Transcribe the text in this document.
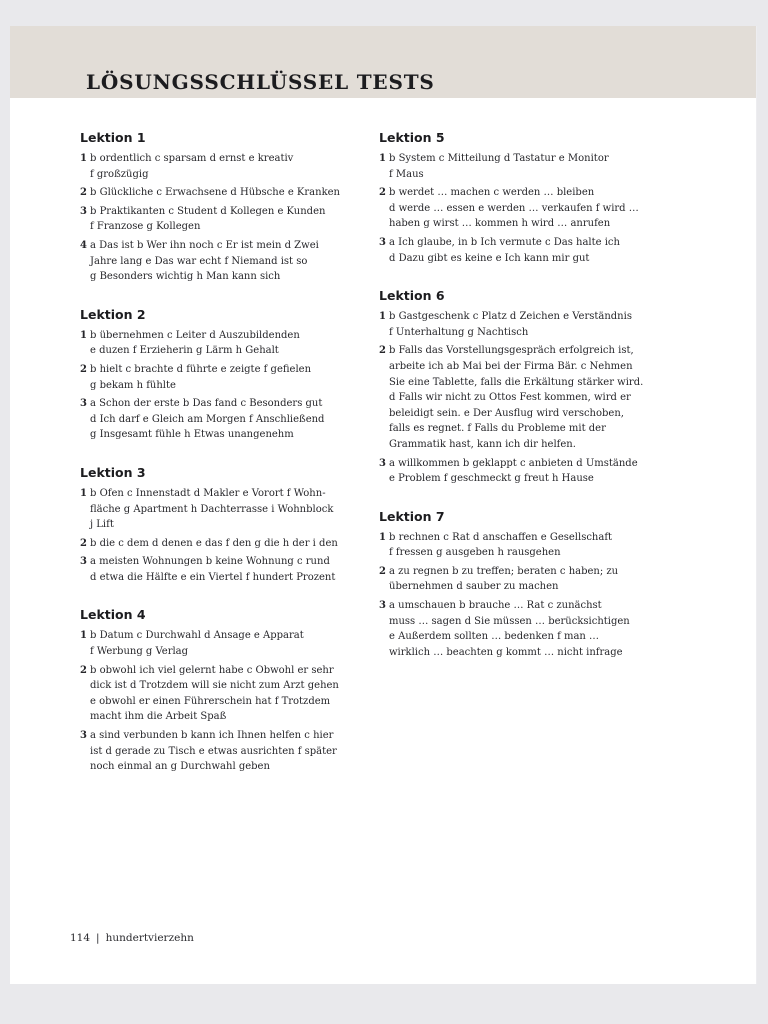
LÖSUNGSSCHLÜSSEL TESTS
Lektion 1
1 b ordentlich c sparsam d ernst e kreativ
f großzügig
2 b Glückliche c Erwachsene d Hübsche e Kranken
3 b Praktikanten c Student d Kollegen e Kunden
f Franzose g Kollegen
4 a Das ist b Wer ihn noch c Er ist mein d Zwei
Jahre lang e Das war echt f Niemand ist so
g Besonders wichtig h Man kann sich
Lektion 2
1 b übernehmen c Leiter d Auszubildenden
e duzen f Erzieherin g Lärm h Gehalt
2 b hielt c brachte d führte e zeigte f gefielen
g bekam h fühlte
3 a Schon der erste b Das fand c Besonders gut
d Ich darf e Gleich am Morgen f Anschließend
g Insgesamt fühle h Etwas unangenehm
Lektion 3
1 b Ofen c Innenstadt d Makler e Vorort f Wohn-
fläche g Apartment h Dachterrasse i Wohnblock
j Lift
2 b die c dem d denen e das f den g die h der i den
3 a meisten Wohnungen b keine Wohnung c rund
d etwa die Hälfte e ein Viertel f hundert Prozent
Lektion 4
1 b Datum c Durchwahl d Ansage e Apparat
f Werbung g Verlag
2 b obwohl ich viel gelernt habe c Obwohl er sehr
dick ist d Trotzdem will sie nicht zum Arzt gehen
e obwohl er einen Führerschein hat f Trotzdem
macht ihm die Arbeit Spaß
3 a sind verbunden b kann ich Ihnen helfen c hier
ist d gerade zu Tisch e etwas ausrichten f später
noch einmal an g Durchwahl geben
Lektion 5
1 b System c Mitteilung d Tastatur e Monitor
f Maus
2 b werdet … machen c werden … bleiben
d werde … essen e werden … verkaufen f wird …
haben g wirst … kommen h wird … anrufen
3 a Ich glaube, in b Ich vermute c Das halte ich
d Dazu gibt es keine e Ich kann mir gut
Lektion 6
1 b Gastgeschenk c Platz d Zeichen e Verständnis
f Unterhaltung g Nachtisch
2 b Falls das Vorstellungsgespräch erfolgreich ist,
arbeite ich ab Mai bei der Firma Bär. c Nehmen
Sie eine Tablette, falls die Erkältung stärker wird.
d Falls wir nicht zu Ottos Fest kommen, wird er
beleidigt sein. e Der Ausflug wird verschoben,
falls es regnet. f Falls du Probleme mit der
Grammatik hast, kann ich dir helfen.
3 a willkommen b geklappt c anbieten d Umstände
e Problem f geschmeckt g freut h Hause
Lektion 7
1 b rechnen c Rat d anschaffen e Gesellschaft
f fressen g ausgeben h rausgehen
2 a zu regnen b zu treffen; beraten c haben; zu
übernehmen d sauber zu machen
3 a umschauen b brauche … Rat c zunächst
muss … sagen d Sie müssen … berücksichtigen
e Außerdem sollten … bedenken f man …
wirklich … beachten g kommt … nicht infrage
114 | hundertvierzehn
